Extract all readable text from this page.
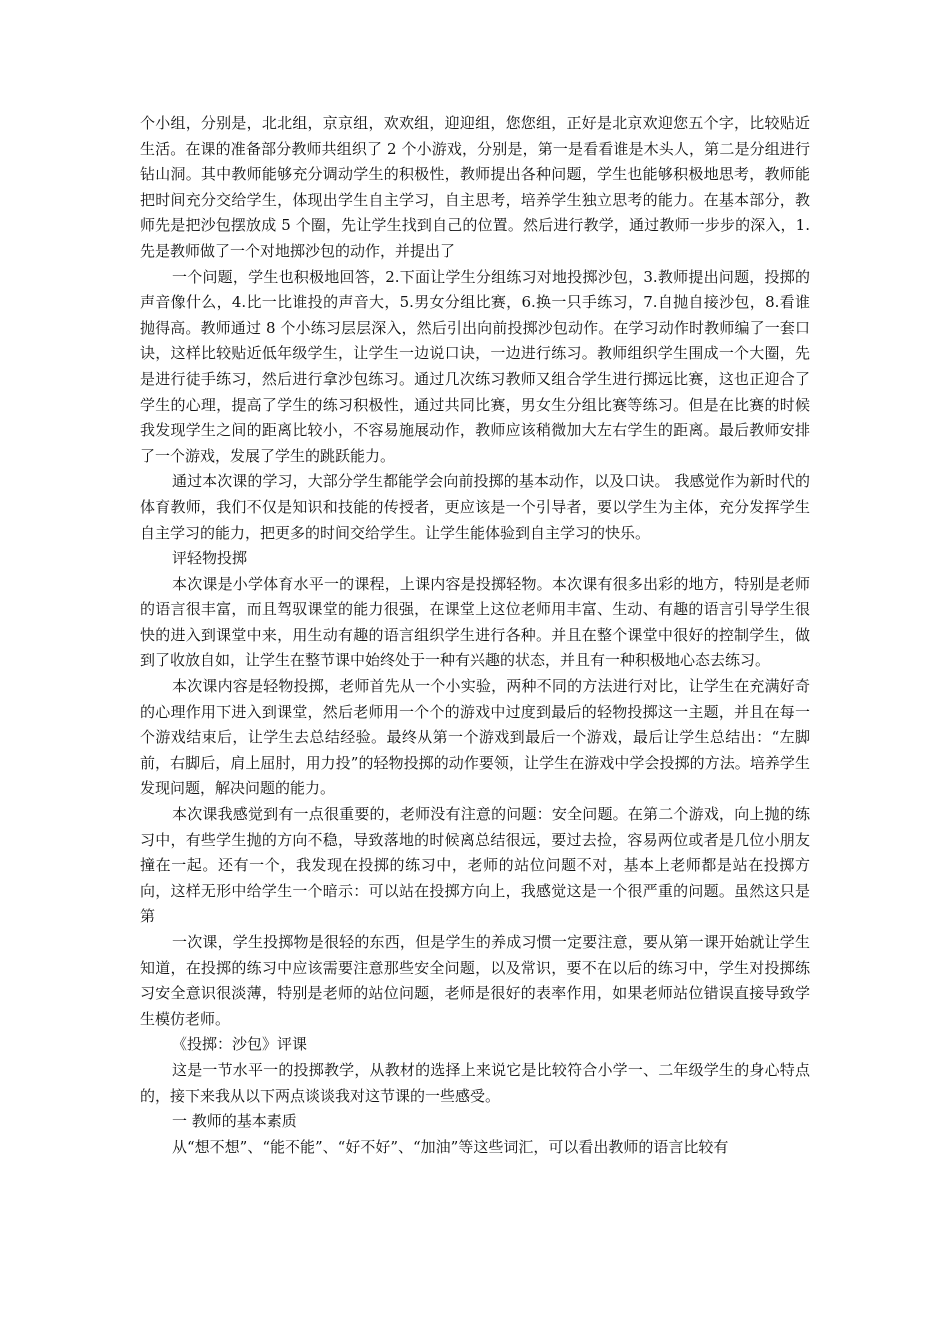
个小组，分别是，北北组，京京组，欢欢组，迎迎组，您您组，正好是北京欢迎您五个字，比较贴近生活。在课的准备部分教师共组织了 2 个小游戏，分别是，第一是看看谁是木头人，第二是分组进行钻山洞。其中教师能够充分调动学生的积极性，教师提出各种问题，学生也能够积极地思考，教师能把时间充分交给学生，体现出学生自主学习，自主思考，培养学生独立思考的能力。在基本部分，教师先是把沙包摆放成 5 个圈，先让学生找到自己的位置。然后进行教学，通过教师一步步的深入，1.先是教师做了一个对地掷沙包的动作，并提出了

一个问题，学生也积极地回答，2.下面让学生分组练习对地投掷沙包，3.教师提出问题，投掷的声音像什么，4.比一比谁投的声音大，5.男女分组比赛，6.换一只手练习，7.自抛自接沙包，8.看谁抛得高。教师通过 8 个小练习层层深入，然后引出向前投掷沙包动作。在学习动作时教师编了一套口诀，这样比较贴近低年级学生，让学生一边说口诀，一边进行练习。教师组织学生围成一个大圈，先是进行徒手练习，然后进行拿沙包练习。通过几次练习教师又组合学生进行掷远比赛，这也正迎合了学生的心理，提高了学生的练习积极性，通过共同比赛，男女生分组比赛等练习。但是在比赛的时候我发现学生之间的距离比较小，不容易施展动作，教师应该稍微加大左右学生的距离。最后教师安排了一个游戏，发展了学生的跳跃能力。

通过本次课的学习，大部分学生都能学会向前投掷的基本动作，以及口诀。 我感觉作为新时代的体育教师，我们不仅是知识和技能的传授者，更应该是一个引导者，要以学生为主体，充分发挥学生自主学习的能力，把更多的时间交给学生。让学生能体验到自主学习的快乐。

评轻物投掷

本次课是小学体育水平一的课程，上课内容是投掷轻物。本次课有很多出彩的地方，特别是老师的语言很丰富，而且驾驭课堂的能力很强，在课堂上这位老师用丰富、生动、有趣的语言引导学生很快的进入到课堂中来，用生动有趣的语言组织学生进行各种。并且在整个课堂中很好的控制学生，做到了收放自如，让学生在整节课中始终处于一种有兴趣的状态，并且有一种积极地心态去练习。

本次课内容是轻物投掷，老师首先从一个小实验，两种不同的方法进行对比，让学生在充满好奇的心理作用下进入到课堂，然后老师用一个个的游戏中过度到最后的轻物投掷这一主题，并且在每一个游戏结束后，让学生去总结经验。最终从第一个游戏到最后一个游戏，最后让学生总结出：“左脚前，右脚后，肩上屈肘，用力投”的轻物投掷的动作要领，让学生在游戏中学会投掷的方法。培养学生发现问题，解决问题的能力。

本次课我感觉到有一点很重要的，老师没有注意的问题：安全问题。在第二个游戏，向上抛的练习中，有些学生抛的方向不稳，导致落地的时候离总结很远，要过去捡，容易两位或者是几位小朋友撞在一起。还有一个，我发现在投掷的练习中，老师的站位问题不对，基本上老师都是站在投掷方向，这样无形中给学生一个暗示：可以站在投掷方向上，我感觉这是一个很严重的问题。虽然这只是第

一次课，学生投掷物是很轻的东西，但是学生的养成习惯一定要注意，要从第一课开始就让学生知道，在投掷的练习中应该需要注意那些安全问题，以及常识，要不在以后的练习中，学生对投掷练习安全意识很淡薄，特别是老师的站位问题，老师是很好的表率作用，如果老师站位错误直接导致学生模仿老师。

《投掷：沙包》评课

这是一节水平一的投掷教学，从教材的选择上来说它是比较符合小学一、二年级学生的身心特点的，接下来我从以下两点谈谈我对这节课的一些感受。

一 教师的基本素质

从“想不想”、“能不能”、“好不好”、“加油”等这些词汇，可以看出教师的语言比较有
